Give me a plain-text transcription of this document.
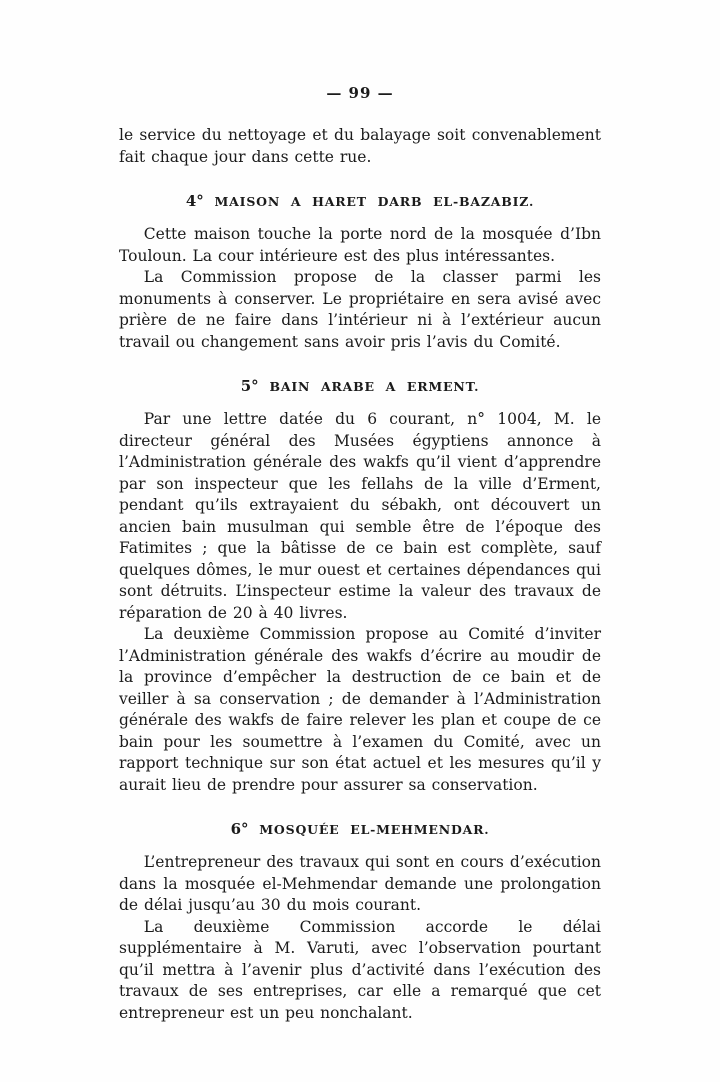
— 99 —

le service du nettoyage et du balayage soit convenablement fait chaque jour dans cette rue.

4° MAISON A HARET DARB EL-BAZABIZ.

Cette maison touche la porte nord de la mosquée d’Ibn Touloun. La cour intérieure est des plus intéressantes.

La Commission propose de la classer parmi les monuments à conserver. Le propriétaire en sera avisé avec prière de ne faire dans l’intérieur ni à l’extérieur aucun travail ou changement sans avoir pris l’avis du Comité.

5° BAIN ARABE A ERMENT.

Par une lettre datée du 6 courant, n° 1004, M. le directeur général des Musées égyptiens annonce à l’Administration générale des wakfs qu’il vient d’apprendre par son inspecteur que les fellahs de la ville d’Erment, pendant qu’ils extrayaient du sébakh, ont découvert un ancien bain musulman qui semble être de l’époque des Fatimites ; que la bâtisse de ce bain est complète, sauf quelques dômes, le mur ouest et certaines dépendances qui sont détruits. L’inspecteur estime la valeur des travaux de réparation de 20 à 40 livres.

La deuxième Commission propose au Comité d’inviter l’Administration générale des wakfs d’écrire au moudir de la province d’empêcher la destruction de ce bain et de veiller à sa conservation ; de demander à l’Administration générale des wakfs de faire relever les plan et coupe de ce bain pour les soumettre à l’examen du Comité, avec un rapport technique sur son état actuel et les mesures qu’il y aurait lieu de prendre pour assurer sa conservation.

6° MOSQUÉE EL-MEHMENDAR.

L’entrepreneur des travaux qui sont en cours d’exécution dans la mosquée el-Mehmendar demande une prolongation de délai jusqu’au 30 du mois courant.

La deuxième Commission accorde le délai supplémentaire à M. Varuti, avec l’observation pourtant qu’il mettra à l’avenir plus d’activité dans l’exécution des travaux de ses entreprises, car elle a remarqué que cet entrepreneur est un peu nonchalant.
